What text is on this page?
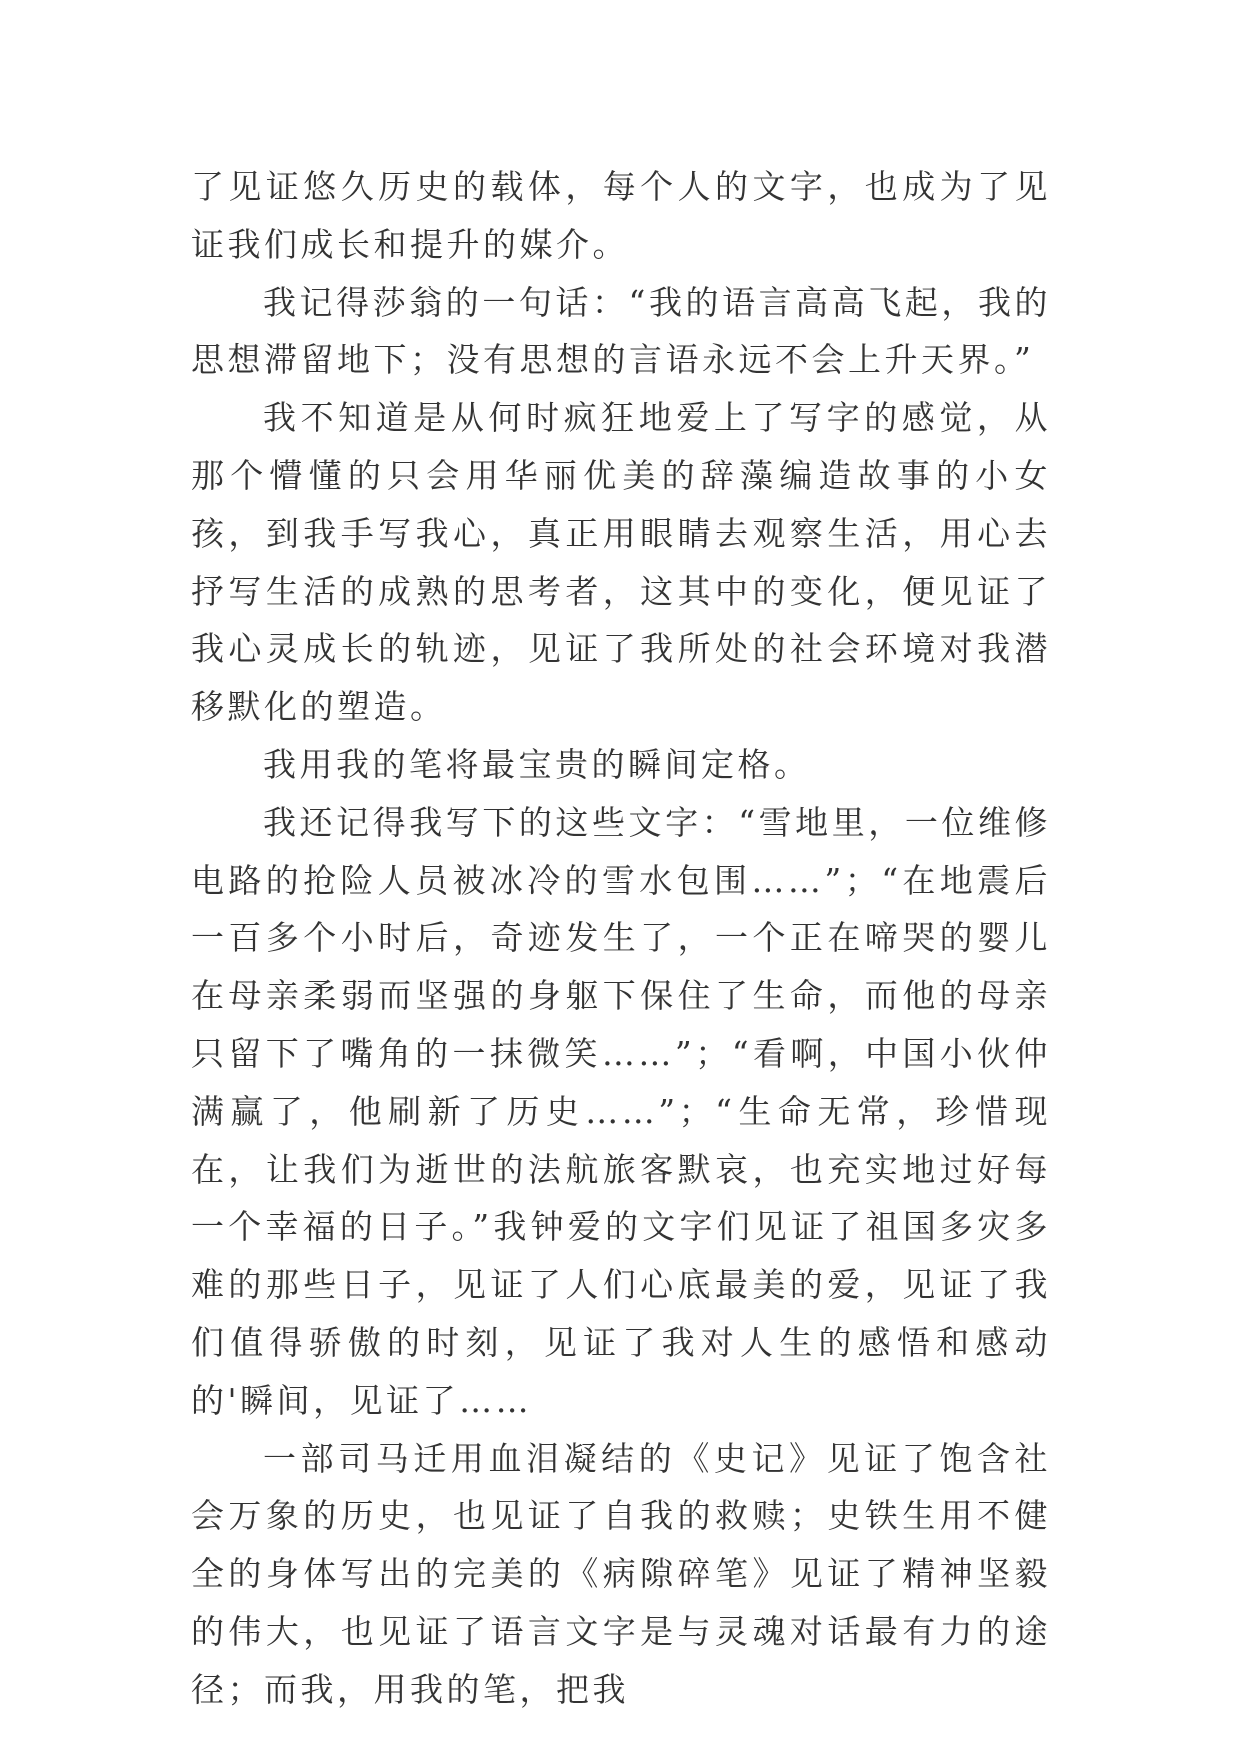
了见证悠久历史的载体，每个人的文字，也成为了见证我们成长和提升的媒介。

我记得莎翁的一句话：“我的语言高高飞起，我的思想滞留地下；没有思想的言语永远不会上升天界。”

我不知道是从何时疯狂地爱上了写字的感觉，从那个懵懂的只会用华丽优美的辞藻编造故事的小女孩，到我手写我心，真正用眼睛去观察生活，用心去抒写生活的成熟的思考者，这其中的变化，便见证了我心灵成长的轨迹，见证了我所处的社会环境对我潜移默化的塑造。

我用我的笔将最宝贵的瞬间定格。

我还记得我写下的这些文字：“雪地里，一位维修电路的抢险人员被冰冷的雪水包围……”；“在地震后一百多个小时后，奇迹发生了，一个正在啼哭的婴儿在母亲柔弱而坚强的身躯下保住了生命，而他的母亲只留下了嘴角的一抹微笑……”；“看啊，中国小伙仲满赢了，他刷新了历史……”；“生命无常，珍惜现在，让我们为逝世的法航旅客默哀，也充实地过好每一个幸福的日子。”我钟爱的文字们见证了祖国多灾多难的那些日子，见证了人们心底最美的爱，见证了我们值得骄傲的时刻，见证了我对人生的感悟和感动的'瞬间，见证了……

一部司马迁用血泪凝结的《史记》见证了饱含社会万象的历史，也见证了自我的救赎；史铁生用不健全的身体写出的完美的《病隙碎笔》见证了精神坚毅的伟大，也见证了语言文字是与灵魂对话最有力的途径；而我，用我的笔，把我
